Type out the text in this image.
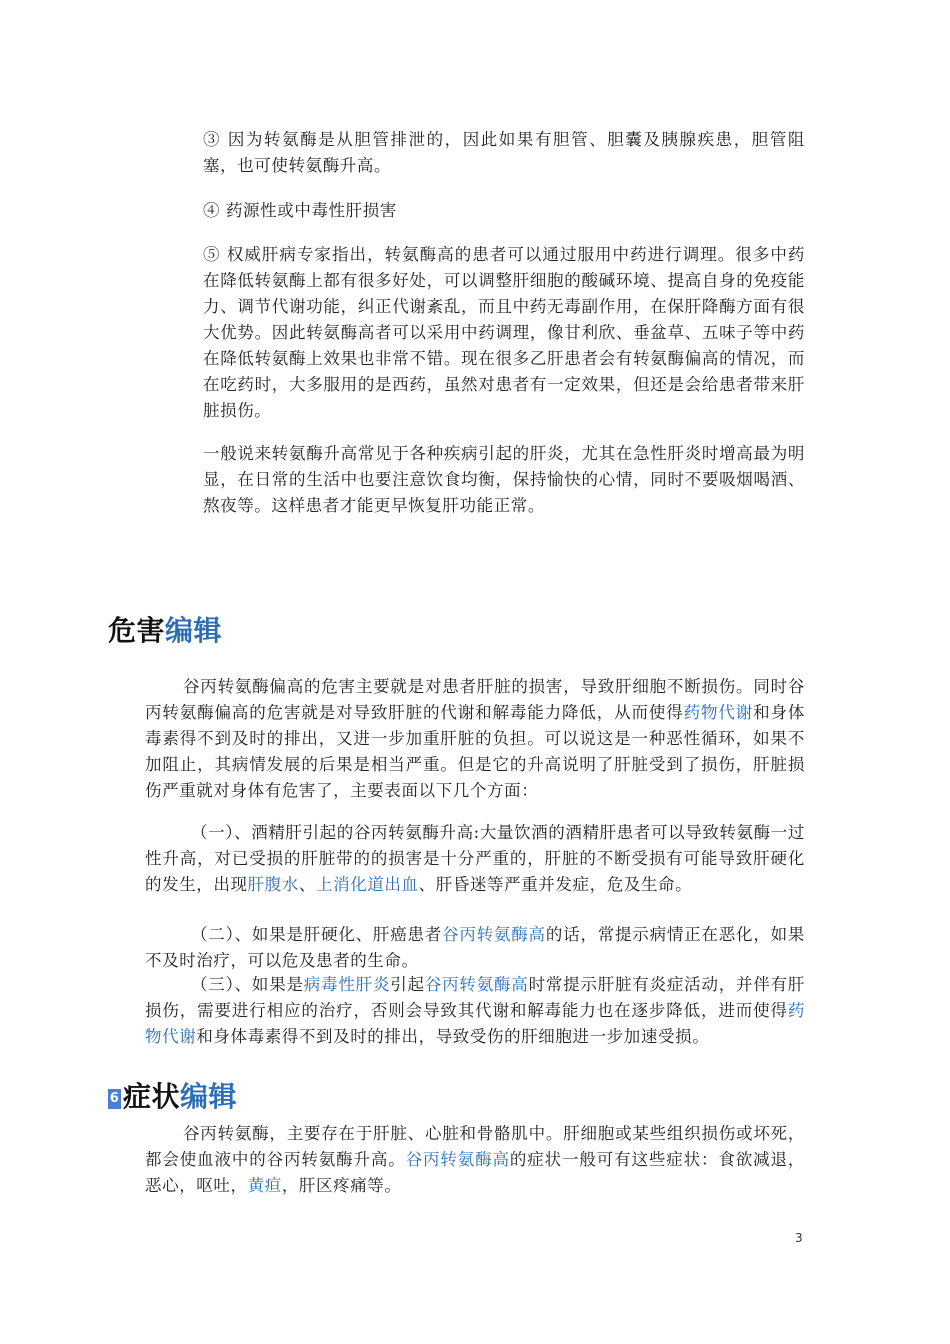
③ 因为转氨酶是从胆管排泄的，因此如果有胆管、胆囊及胰腺疾患，胆管阻塞，也可使转氨酶升高。

④ 药源性或中毒性肝损害

⑤ 权威肝病专家指出，转氨酶高的患者可以通过服用中药进行调理。很多中药在降低转氨酶上都有很多好处，可以调整肝细胞的酸碱环境、提高自身的免疫能力、调节代谢功能，纠正代谢紊乱，而且中药无毒副作用，在保肝降酶方面有很大优势。因此转氨酶高者可以采用中药调理，像甘利欣、垂盆草、五味子等中药在降低转氨酶上效果也非常不错。现在很多乙肝患者会有转氨酶偏高的情况，而在吃药时，大多服用的是西药，虽然对患者有一定效果，但还是会给患者带来肝脏损伤。

一般说来转氨酶升高常见于各种疾病引起的肝炎，尤其在急性肝炎时增高最为明显，在日常的生活中也要注意饮食均衡，保持愉快的心情，同时不要吸烟喝酒、熬夜等。这样患者才能更早恢复肝功能正常。

危害编辑

谷丙转氨酶偏高的危害主要就是对患者肝脏的损害，导致肝细胞不断损伤。同时谷丙转氨酶偏高的危害就是对导致肝脏的代谢和解毒能力降低，从而使得药物代谢和身体毒素得不到及时的排出，又进一步加重肝脏的负担。可以说这是一种恶性循环，如果不加阻止，其病情发展的后果是相当严重。但是它的升高说明了肝脏受到了损伤，肝脏损伤严重就对身体有危害了，主要表面以下几个方面：

（一）、酒精肝引起的谷丙转氨酶升高:大量饮酒的酒精肝患者可以导致转氨酶一过性升高，对已受损的肝脏带的的损害是十分严重的，肝脏的不断受损有可能导致肝硬化的发生，出现肝腹水、上消化道出血、肝昏迷等严重并发症，危及生命。

（二）、如果是肝硬化、肝癌患者谷丙转氨酶高的话，常提示病情正在恶化，如果不及时治疗，可以危及患者的生命。

（三）、如果是病毒性肝炎引起谷丙转氨酶高时常提示肝脏有炎症活动，并伴有肝损伤，需要进行相应的治疗，否则会导致其代谢和解毒能力也在逐步降低，进而使得药物代谢和身体毒素得不到及时的排出，导致受伤的肝细胞进一步加速受损。

6 症状编辑

谷丙转氨酶，主要存在于肝脏、心脏和骨骼肌中。肝细胞或某些组织损伤或坏死，都会使血液中的谷丙转氨酶升高。谷丙转氨酶高的症状一般可有这些症状：食欲减退，恶心，呕吐，黄疸，肝区疼痛等。

3
